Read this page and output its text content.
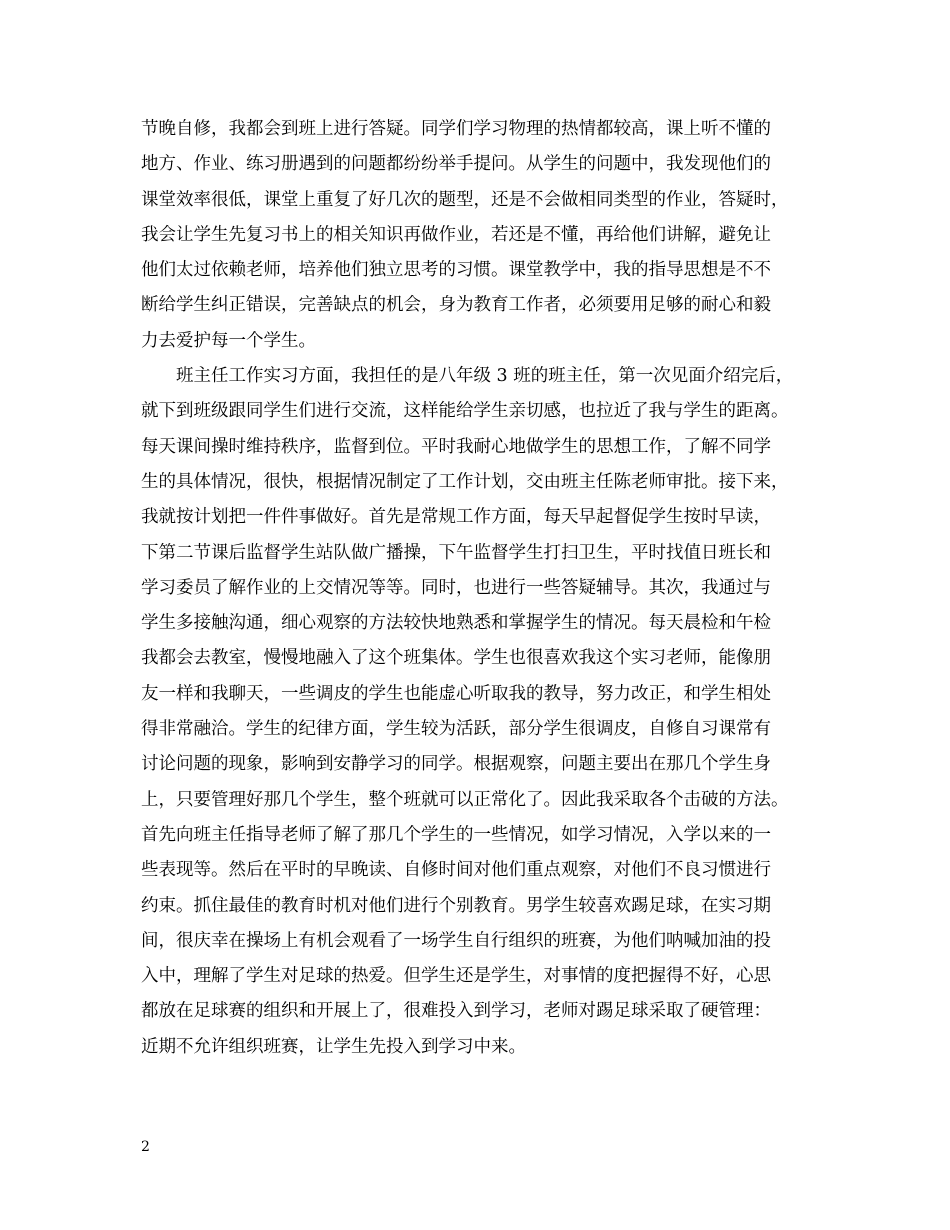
节晚自修，我都会到班上进行答疑。同学们学习物理的热情都较高，课上听不懂的
地方、作业、练习册遇到的问题都纷纷举手提问。从学生的问题中，我发现他们的
课堂效率很低，课堂上重复了好几次的题型，还是不会做相同类型的作业，答疑时，
我会让学生先复习书上的相关知识再做作业，若还是不懂，再给他们讲解，避免让
他们太过依赖老师，培养他们独立思考的习惯。课堂教学中，我的指导思想是不不
断给学生纠正错误，完善缺点的机会，身为教育工作者，必须要用足够的耐心和毅
力去爱护每一个学生。
班主任工作实习方面，我担任的是八年级 3 班的班主任，第一次见面介绍完后，
就下到班级跟同学生们进行交流，这样能给学生亲切感，也拉近了我与学生的距离。
每天课间操时维持秩序，监督到位。平时我耐心地做学生的思想工作，了解不同学
生的具体情况，很快，根据情况制定了工作计划，交由班主任陈老师审批。接下来，
我就按计划把一件件事做好。首先是常规工作方面，每天早起督促学生按时早读，
下第二节课后监督学生站队做广播操，下午监督学生打扫卫生，平时找值日班长和
学习委员了解作业的上交情况等等。同时，也进行一些答疑辅导。其次，我通过与
学生多接触沟通，细心观察的方法较快地熟悉和掌握学生的情况。每天晨检和午检
我都会去教室，慢慢地融入了这个班集体。学生也很喜欢我这个实习老师，能像朋
友一样和我聊天，一些调皮的学生也能虚心听取我的教导，努力改正，和学生相处
得非常融洽。学生的纪律方面，学生较为活跃，部分学生很调皮，自修自习课常有
讨论问题的现象，影响到安静学习的同学。根据观察，问题主要出在那几个学生身
上，只要管理好那几个学生，整个班就可以正常化了。因此我采取各个击破的方法。
首先向班主任指导老师了解了那几个学生的一些情况，如学习情况，入学以来的一
些表现等。然后在平时的早晚读、自修时间对他们重点观察，对他们不良习惯进行
约束。抓住最佳的教育时机对他们进行个别教育。男学生较喜欢踢足球，在实习期
间，很庆幸在操场上有机会观看了一场学生自行组织的班赛，为他们呐喊加油的投
入中，理解了学生对足球的热爱。但学生还是学生，对事情的度把握得不好，心思
都放在足球赛的组织和开展上了，很难投入到学习，老师对踢足球采取了硬管理：
近期不允许组织班赛，让学生先投入到学习中来。
2
